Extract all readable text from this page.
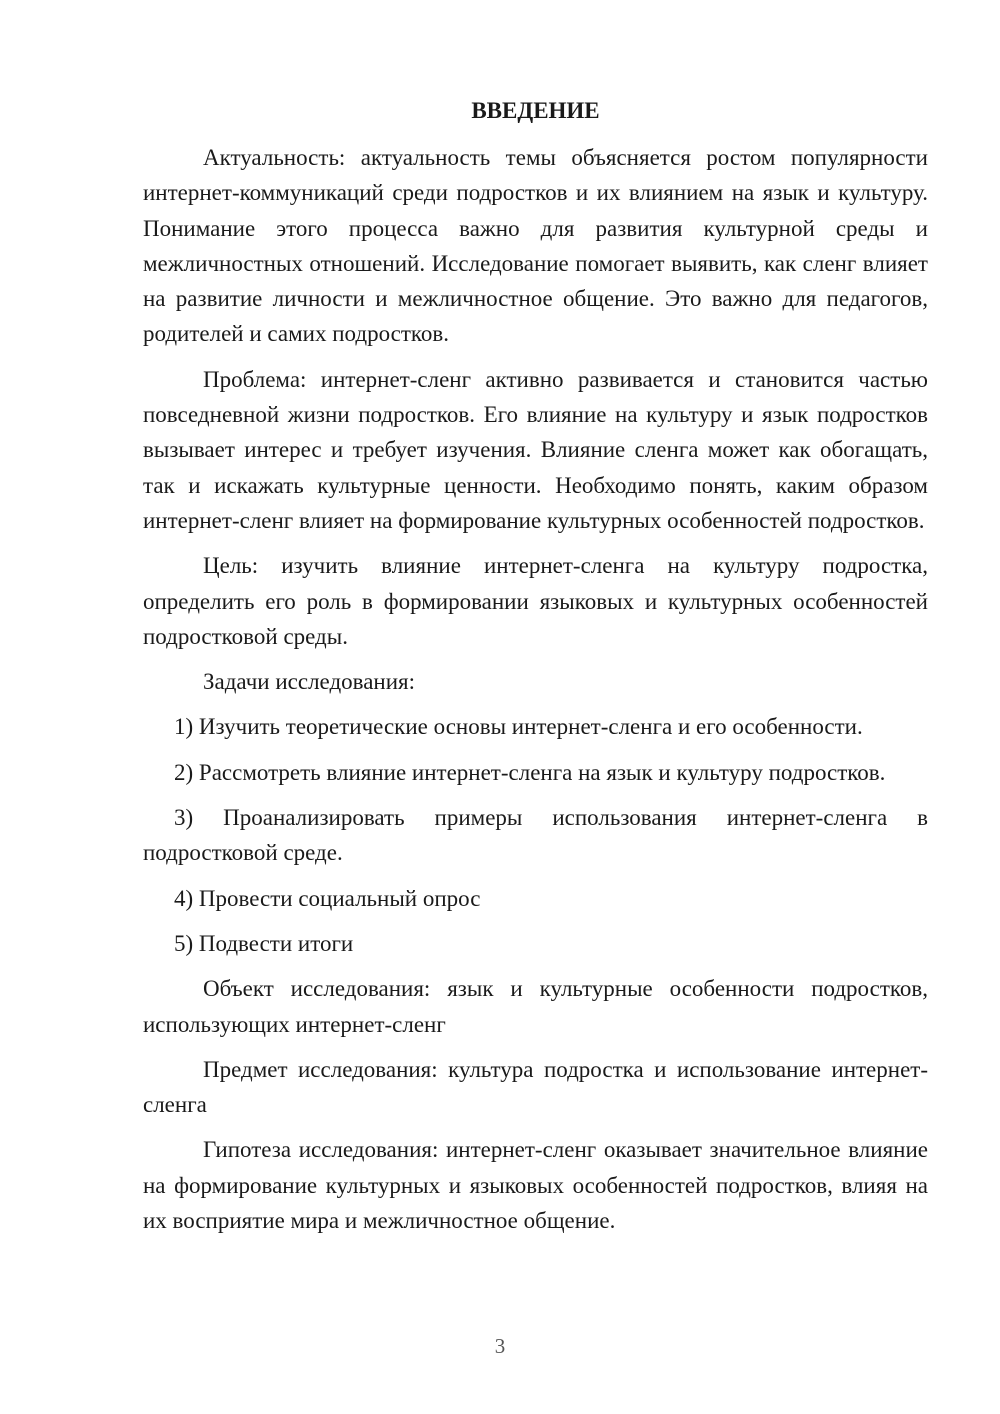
ВВЕДЕНИЕ

Актуальность: актуальность темы объясняется ростом популярности интернет-коммуникаций среди подростков и их влиянием на язык и культуру. Понимание этого процесса важно для развития культурной среды и межличностных отношений. Исследование помогает выявить, как сленг влияет на развитие личности и межличностное общение. Это важно для педагогов, родителей и самих подростков.

Проблема: интернет-сленг активно развивается и становится частью повседневной жизни подростков. Его влияние на культуру и язык подростков вызывает интерес и требует изучения. Влияние сленга может как обогащать, так и искажать культурные ценности. Необходимо понять, каким образом интернет-сленг влияет на формирование культурных особенностей подростков.

Цель: изучить влияние интернет-сленга на культуру подростка, определить его роль в формировании языковых и культурных особенностей подростковой среды.

Задачи исследования:

1) Изучить теоретические основы интернет-сленга и его особенности.

2) Рассмотреть влияние интернет-сленга на язык и культуру подростков.

3) Проанализировать примеры использования интернет-сленга в подростковой среде.

4) Провести социальный опрос

5) Подвести итоги

Объект исследования: язык и культурные особенности подростков, использующих интернет-сленг

Предмет исследования: культура подростка и использование интернет-сленга

Гипотеза исследования: интернет-сленг оказывает значительное влияние на формирование культурных и языковых особенностей подростков, влияя на их восприятие мира и межличностное общение.

3
